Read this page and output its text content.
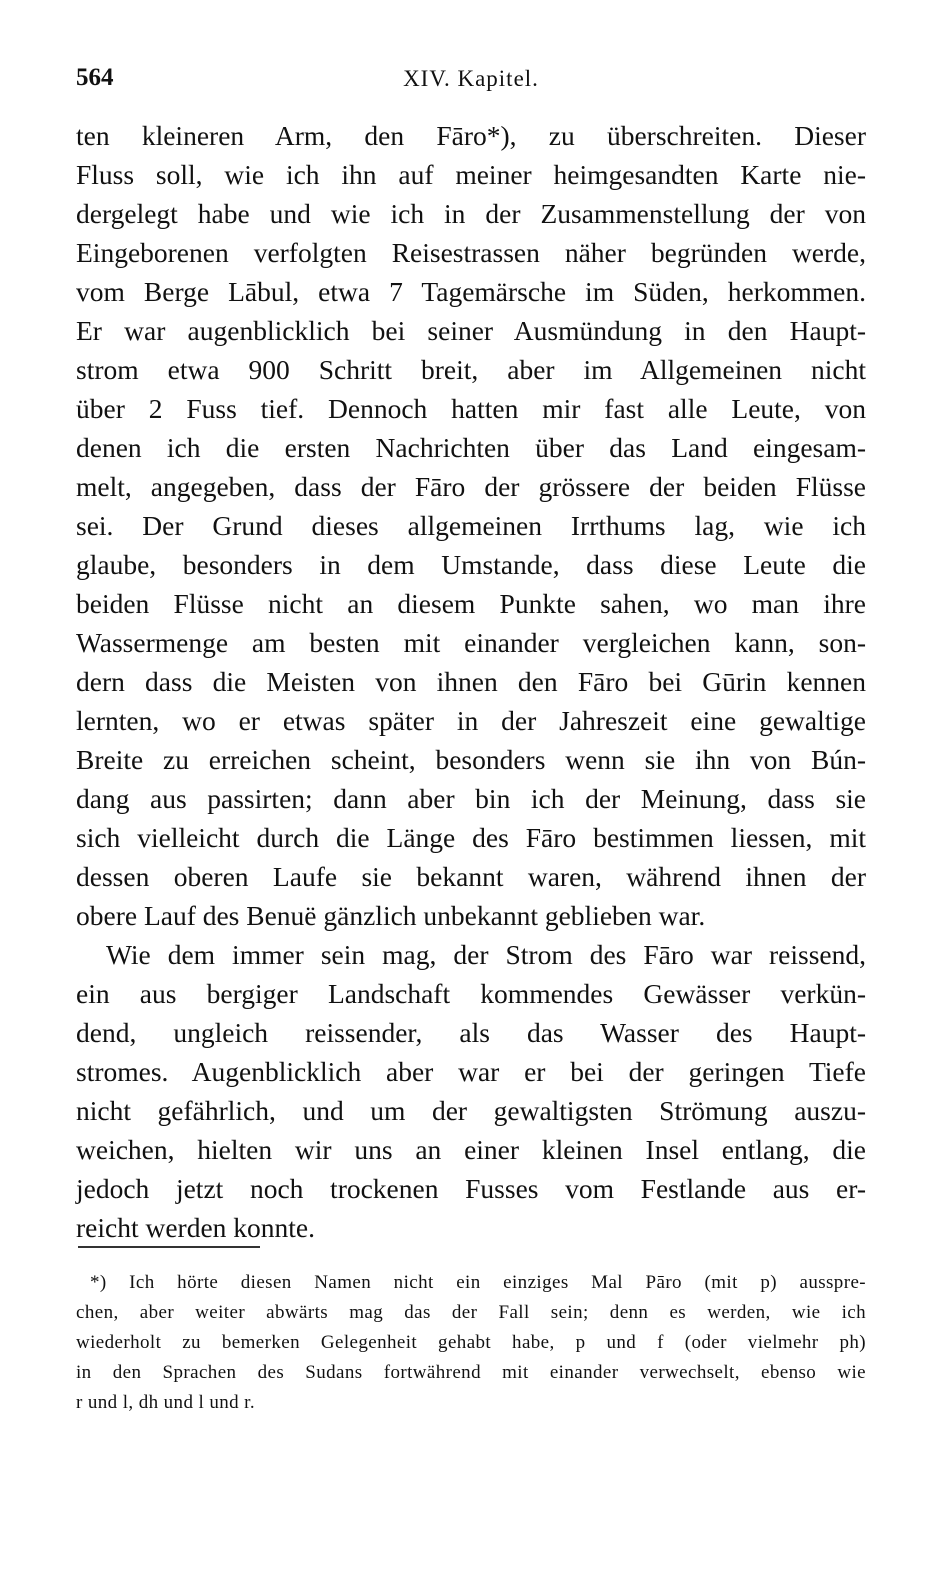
564	XIV. Kapitel.
ten kleineren Arm, den Fāro*), zu überschreiten. Dieser
Fluss soll, wie ich ihn auf meiner heimgesandten Karte nie-
dergelegt habe und wie ich in der Zusammenstellung der von
Eingeborenen verfolgten Reisestrassen näher begründen werde,
vom Berge Lābul, etwa 7 Tagemärsche im Süden, herkommen.
Er war augenblicklich bei seiner Ausmündung in den Haupt-
strom etwa 900 Schritt breit, aber im Allgemeinen nicht
über 2 Fuss tief. Dennoch hatten mir fast alle Leute, von
denen ich die ersten Nachrichten über das Land eingesam-
melt, angegeben, dass der Fāro der grössere der beiden Flüsse
sei. Der Grund dieses allgemeinen Irrthums lag, wie ich
glaube, besonders in dem Umstande, dass diese Leute die
beiden Flüsse nicht an diesem Punkte sahen, wo man ihre
Wassermenge am besten mit einander vergleichen kann, son-
dern dass die Meisten von ihnen den Fāro bei Gūrin kennen
lernten, wo er etwas später in der Jahreszeit eine gewaltige
Breite zu erreichen scheint, besonders wenn sie ihn von Bún-
dang aus passirten; dann aber bin ich der Meinung, dass sie
sich vielleicht durch die Länge des Fāro bestimmen liessen, mit
dessen oberen Laufe sie bekannt waren, während ihnen der
obere Lauf des Benuë gänzlich unbekannt geblieben war.
Wie dem immer sein mag, der Strom des Fāro war reissend,
ein aus bergiger Landschaft kommendes Gewässer verkün-
dend, ungleich reissender, als das Wasser des Haupt-
stromes. Augenblicklich aber war er bei der geringen Tiefe
nicht gefährlich, und um der gewaltigsten Strömung auszu-
weichen, hielten wir uns an einer kleinen Insel entlang, die
jedoch jetzt noch trockenen Fusses vom Festlande aus er-
reicht werden konnte.
*) Ich hörte diesen Namen nicht ein einziges Mal Pāro (mit p) ausspre-
chen, aber weiter abwärts mag das der Fall sein; denn es werden, wie ich
wiederholt zu bemerken Gelegenheit gehabt habe, p und f (oder vielmehr ph)
in den Sprachen des Sudans fortwährend mit einander verwechselt, ebenso wie
r und l, dh und l und r.
